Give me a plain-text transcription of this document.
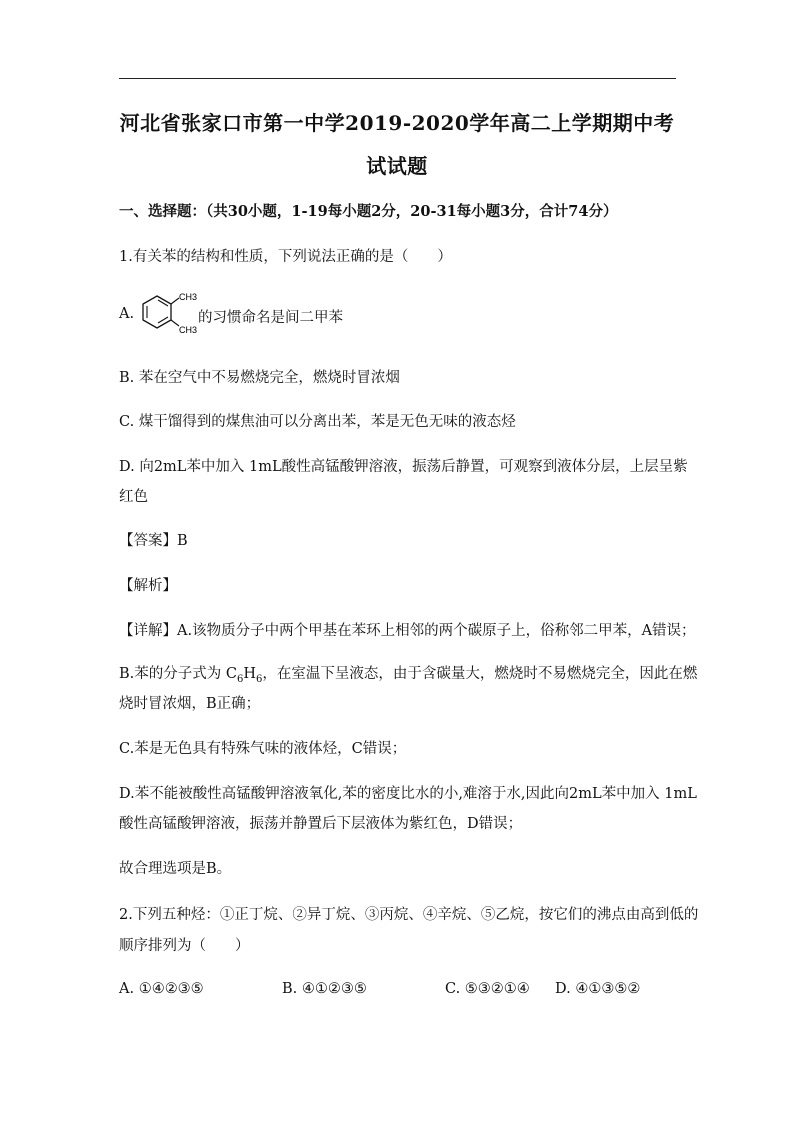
河北省张家口市第一中学2019-2020学年高二上学期期中考
试试题
一、选择题：（共30小题，1-19每小题2分，20-31每小题3分，合计74分）
1.有关苯的结构和性质，下列说法正确的是（　　）
A.
CH3
CH3
的习惯命名是间二甲苯
B. 苯在空气中不易燃烧完全，燃烧时冒浓烟
C. 煤干馏得到的煤焦油可以分离出苯，苯是无色无味的液态烃
D. 向2mL苯中加入 1mL酸性高锰酸钾溶液，振荡后静置，可观察到液体分层，上层呈紫
红色
【答案】B
【解析】
【详解】A.该物质分子中两个甲基在苯环上相邻的两个碳原子上，俗称邻二甲苯，A错误；
B.苯的分子式为 $C_6H_6$，在室温下呈液态，由于含碳量大，燃烧时不易燃烧完全，因此在燃
烧时冒浓烟，B正确；
C.苯是无色具有特殊气味的液体烃，C错误；
D.苯不能被酸性高锰酸钾溶液氧化,苯的密度比水的小,难溶于水,因此向2mL苯中加入 1mL
酸性高锰酸钾溶液，振荡并静置后下层液体为紫红色，D错误；
故合理选项是B。
2.下列五种烃：①正丁烷、②异丁烷、③丙烷、④辛烷、⑤乙烷，按它们的沸点由高到低的
顺序排列为（　　）
A. ①④②③⑤	B. ④①②③⑤	C. ⑤③②①④ D. ④①③⑤②
